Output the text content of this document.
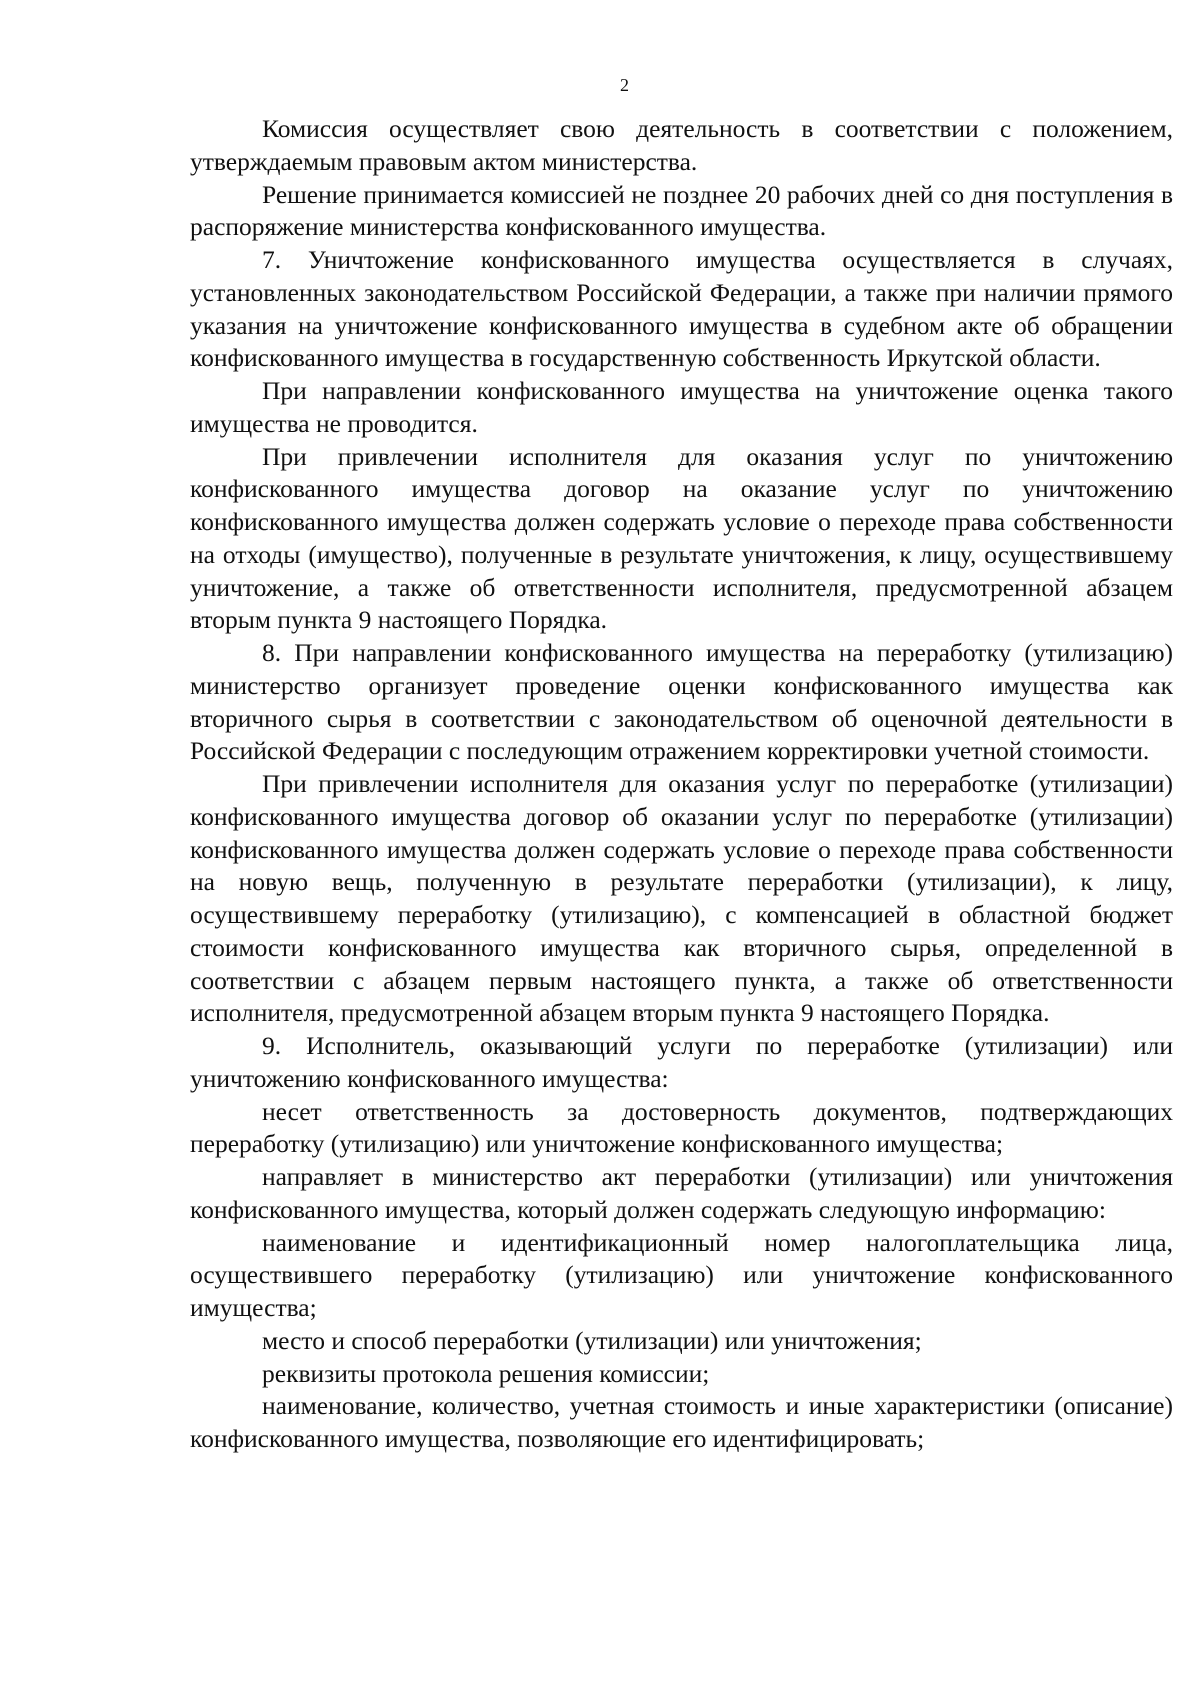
2

Комиссия осуществляет свою деятельность в соответствии с положением, утверждаемым правовым актом министерства.

Решение принимается комиссией не позднее 20 рабочих дней со дня поступления в распоряжение министерства конфискованного имущества.

7. Уничтожение конфискованного имущества осуществляется в случаях, установленных законодательством Российской Федерации, а также при наличии прямого указания на уничтожение конфискованного имущества в судебном акте об обращении конфискованного имущества в государственную собственность Иркутской области.

При направлении конфискованного имущества на уничтожение оценка такого имущества не проводится.

При привлечении исполнителя для оказания услуг по уничтожению конфискованного имущества договор на оказание услуг по уничтожению конфискованного имущества должен содержать условие о переходе права собственности на отходы (имущество), полученные в результате уничтожения, к лицу, осуществившему уничтожение, а также об ответственности исполнителя, предусмотренной абзацем вторым пункта 9 настоящего Порядка.

8. При направлении конфискованного имущества на переработку (утилизацию) министерство организует проведение оценки конфискованного имущества как вторичного сырья в соответствии с законодательством об оценочной деятельности в Российской Федерации с последующим отражением корректировки учетной стоимости.

При привлечении исполнителя для оказания услуг по переработке (утилизации) конфискованного имущества договор об оказании услуг по переработке (утилизации) конфискованного имущества должен содержать условие о переходе права собственности на новую вещь, полученную в результате переработки (утилизации), к лицу, осуществившему переработку (утилизацию), с компенсацией в областной бюджет стоимости конфискованного имущества как вторичного сырья, определенной в соответствии с абзацем первым настоящего пункта, а также об ответственности исполнителя, предусмотренной абзацем вторым пункта 9 настоящего Порядка.

9. Исполнитель, оказывающий услуги по переработке (утилизации) или уничтожению конфискованного имущества:

несет ответственность за достоверность документов, подтверждающих переработку (утилизацию) или уничтожение конфискованного имущества;

направляет в министерство акт переработки (утилизации) или уничтожения конфискованного имущества, который должен содержать следующую информацию:

наименование и идентификационный номер налогоплательщика лица, осуществившего переработку (утилизацию) или уничтожение конфискованного имущества;

место и способ переработки (утилизации) или уничтожения;

реквизиты протокола решения комиссии;

наименование, количество, учетная стоимость и иные характеристики (описание) конфискованного имущества, позволяющие его идентифицировать;
